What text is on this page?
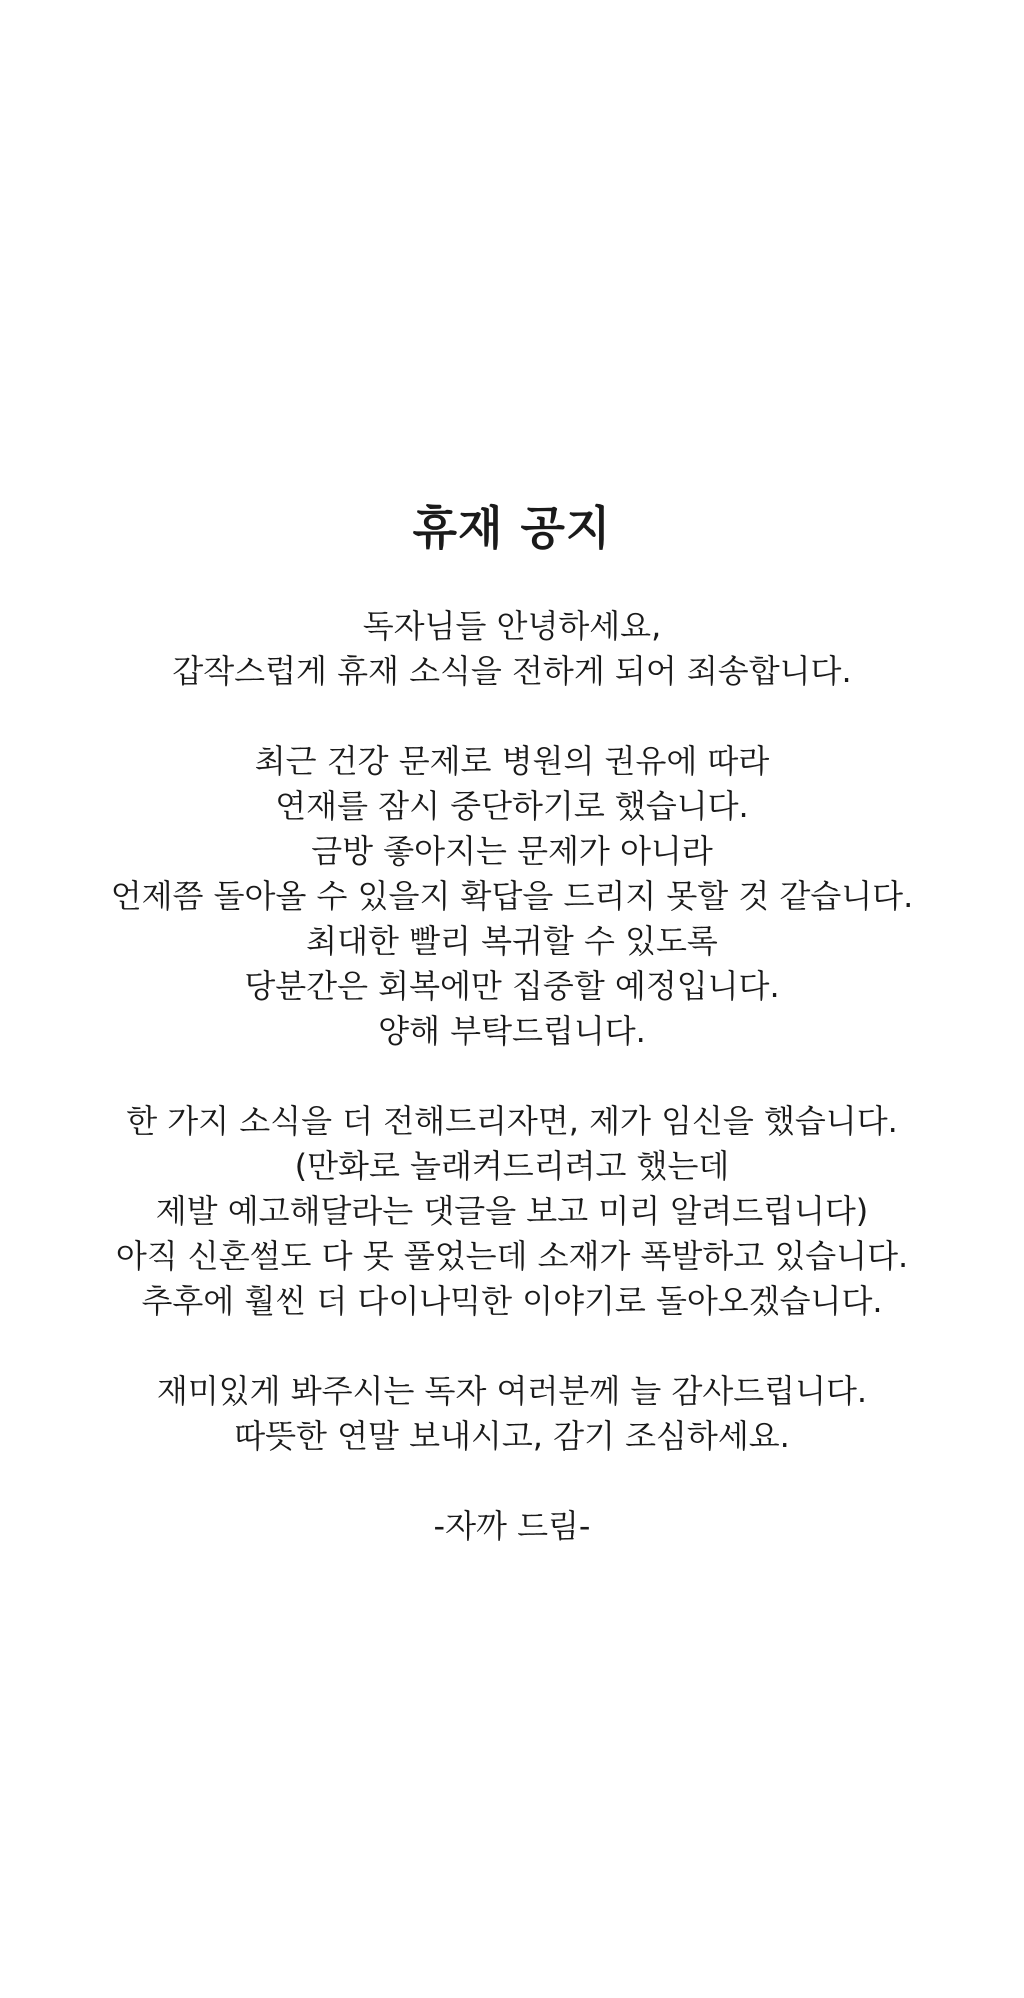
휴재 공지
독자님들 안녕하세요,
갑작스럽게 휴재 소식을 전하게 되어 죄송합니다.
최근 건강 문제로 병원의 권유에 따라
연재를 잠시 중단하기로 했습니다.
금방 좋아지는 문제가 아니라
언제쯤 돌아올 수 있을지 확답을 드리지 못할 것 같습니다.
최대한 빨리 복귀할 수 있도록
당분간은 회복에만 집중할 예정입니다.
양해 부탁드립니다.
한 가지 소식을 더 전해드리자면, 제가 임신을 했습니다.
(만화로 놀래켜드리려고 했는데
제발 예고해달라는 댓글을 보고 미리 알려드립니다)
아직 신혼썰도 다 못 풀었는데 소재가 폭발하고 있습니다.
추후에 훨씬 더 다이나믹한 이야기로 돌아오겠습니다.
재미있게 봐주시는 독자 여러분께 늘 감사드립니다.
따뜻한 연말 보내시고, 감기 조심하세요.

-자까 드림-
